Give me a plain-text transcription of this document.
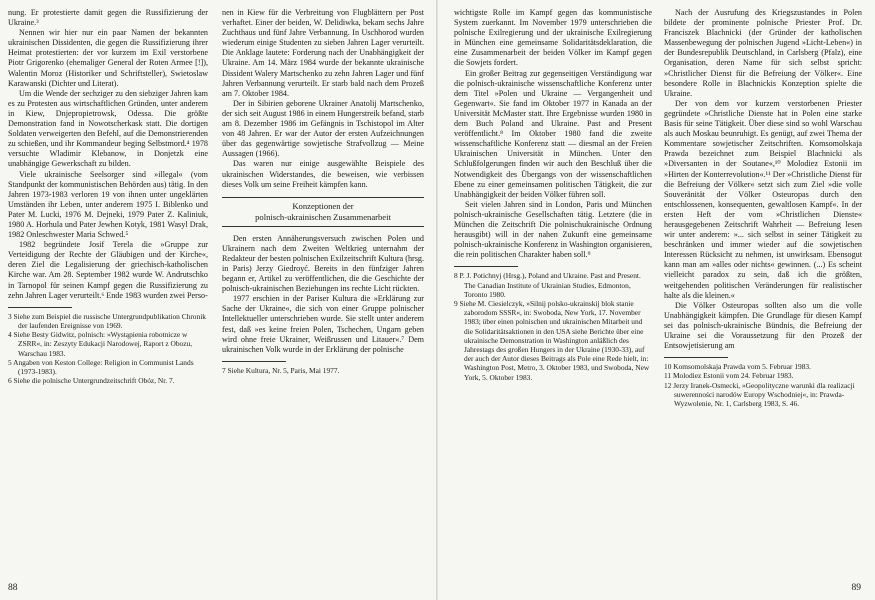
nung. Er protestierte damit gegen die Russifizierung der Ukraine.³

Nennen wir hier nur ein paar Namen der bekannten ukrainischen Dissidenten, die gegen die Russifizierung ihrer Heimat protestierten: der vor kurzem im Exil verstorbene Piotr Grigorenko (ehemaliger General der Roten Armee [!]), Walentin Moroz (Historiker und Schriftsteller), Swietoslaw Karawanski (Dichter und Literat).

Um die Wende der sechziger zu den siebziger Jahren kam es zu Protesten aus wirtschaftlichen Gründen, unter anderem in Kiew, Dnjepropietrowsk, Odessa. Die größte Demonstration fand in Nowotscherkask statt. Die dortigen Soldaten verweigerten den Befehl, auf die Demonstrierenden zu schießen, und ihr Kommandeur beging Selbstmord.⁴ 1978 versuchte Wladimir Klebanow, in Donjetzk eine unabhängige Gewerkschaft zu bilden.

Viele ukrainische Seelsorger sind »illegal« (vom Standpunkt der kommunistischen Behörden aus) tätig. In den Jahren 1973-1983 verloren 19 von ihnen unter ungeklärten Umständen ihr Leben, unter anderem 1975 I. Biblenko und Pater M. Lucki, 1976 M. Dejneki, 1979 Pater Z. Kaliniuk, 1980 A. Horhula und Pater Jewhen Kotyk, 1981 Wasyl Drak, 1982 Onleschwester Maria Schwed.⁵

1982 begründete Josif Terela die »Gruppe zur Verteidigung der Rechte der Gläubigen und der Kirche«, deren Ziel die Legalisierung der griechisch-katholischen Kirche war. Am 28. September 1982 wurde W. Andrutschko in Tarnopol für seinen Kampf gegen die Russifizierung zu zehn Jahren Lager verurteilt.⁶ Ende 1983 wurden zwei Perso-

3 Siehe zum Beispiel die russische Untergrundpublikation Chronik der laufenden Ereignisse von 1969.
4 Siehe Besty Gidwitz, polnisch: »Wystąpienia robotnicze w ZSRR«, in: Zeszyty Edukacji Narodowej, Raport z Obozu, Warschau 1983.
5 Angaben von Keston College: Religion in Communist Lands (1973-1983).
6 Siehe die polnische Untergrundzeitschrift Obóz, Nr. 7.

nen in Kiew für die Verbreitung von Flugblättern per Post verhaftet. Einer der beiden, W. Delidiwka, bekam sechs Jahre Zuchthaus und fünf Jahre Verbannung. In Uschhorod wurden wiederum einige Studenten zu sieben Jahren Lager verurteilt. Die Anklage lautete: Forderung nach der Unabhängigkeit der Ukraine. Am 14. März 1984 wurde der bekannte ukrainische Dissident Walery Martschenko zu zehn Jahren Lager und fünf Jahren Verbannung verurteilt. Er starb bald nach dem Prozeß am 7. Oktober 1984.

Der in Sibirien geborene Ukrainer Anatolij Martschenko, der sich seit August 1986 in einem Hungerstreik befand, starb am 8. Dezember 1986 im Gefängnis in Tschistopol im Alter von 48 Jahren. Er war der Autor der ersten Aufzeichnungen über das gegenwärtige sowjetische Strafvollzug — Meine Aussagen (1966).

Das waren nur einige ausgewählte Beispiele des ukrainischen Widerstandes, die beweisen, wie verbissen dieses Volk um seine Freiheit kämpfen kann.

Konzeptionen der
polnisch-ukrainischen Zusammenarbeit

Den ersten Annäherungsversuch zwischen Polen und Ukrainern nach dem Zweiten Weltkrieg unternahm der Redakteur der besten polnischen Exilzeitschrift Kultura (hrsg. in Paris) Jerzy Giedroyć. Bereits in den fünfziger Jahren begann er, Artikel zu veröffentlichen, die die Geschichte der polnisch-ukrainischen Beziehungen ins rechte Licht rückten.

1977 erschien in der Pariser Kultura die »Erklärung zur Sache der Ukraine«, die sich von einer Gruppe polnischer Intellektueller unterschrieben wurde. Sie stellt unter anderem fest, daß »es keine freien Polen, Tschechen, Ungarn geben wird ohne freie Ukrainer, Weißrussen und Litauer«.⁷ Dem ukrainischen Volk wurde in der Erklärung der polnische

7 Siehe Kultura, Nr. 5, Paris, Mai 1977.
88

wichtigste Rolle im Kampf gegen das kommunistische System zuerkannt. Im November 1979 unterschrieben die polnische Exilregierung und der ukrainische Exilregierung in München eine gemeinsame Solidaritätsdeklaration, die eine Zusammenarbeit der beiden Völker im Kampf gegen die Sowjets fordert.

Ein großer Beitrag zur gegenseitigen Verständigung war die polnisch-ukrainische wissenschaftliche Konferenz unter dem Titel »Polen und Ukraine — Vergangenheit und Gegenwart«. Sie fand im Oktober 1977 in Kanada an der Universität McMaster statt. Ihre Ergebnisse wurden 1980 in dem Buch Poland and Ukraine. Past and Present veröffentlicht.⁸ Im Oktober 1980 fand die zweite wissenschaftliche Konferenz statt — diesmal an der Freien Ukrainischen Universität in München. Unter den Schlußfolgerungen finden wir auch den Beschluß über die Notwendigkeit des Übergangs von der wissenschaftlichen Ebene zu einer gemeinsamen politischen Tätigkeit, die zur Unabhängigkeit der beiden Völker führen soll.

Seit vielen Jahren sind in London, Paris und München polnisch-ukrainische Gesellschaften tätig. Letztere (die in München die Zeitschrift Die polnischukrainische Ordnung herausgibt) will in der nahen Zukunft eine gemeinsame polnisch-ukrainische Konferenz in Washington organisieren, die rein politischen Charakter haben soll.⁹

8 P. J. Potichnyj (Hrsg.), Poland and Ukraine. Past and Present. The Canadian Institute of Ukrainian Studies, Edmonton, Toronto 1980.
9 Siehe M. Ciesielczyk, »Silnij polsko-ukrainskij blok stanie zaborodom SSSR«, in: Swoboda, New York, 17. November 1983; über einen polnischen und ukrainischen Mitarbeit und die Solidaritätsaktionen in den USA siehe Berichte über eine ukrainische Demonstration in Washington anläßlich des Jahrestags des großen Hungers in der Ukraine (1930-33), auf der auch der Autor dieses Beitrags als Pole eine Rede hielt, in: Washington Post, Metro, 3. Oktober 1983, und Swoboda, New York, 5. Oktober 1983.

Nach der Ausrufung des Kriegszustandes in Polen bildete der prominente polnische Priester Prof. Dr. Franciszek Blachnicki (der Gründer der katholischen Massenbewegung der polnischen Jugend »Licht-Leben«) in der Bundesrepublik Deutschland, in Carlsberg (Pfalz), eine Organisation, deren Name für sich selbst spricht: »Christlicher Dienst für die Befreiung der Völker«. Eine besondere Rolle in Blachnickis Konzeption spielte die Ukraine.

Der von dem vor kurzem verstorbenen Priester gegründete »Christliche Dienste hat in Polen eine starke Basis für seine Tätigkeit. Über diese sind so wohl Warschau als auch Moskau beunruhigt. Es genügt, auf zwei Thema der Kommentare sowjetischer Zeitschriften. Komsomolskaja Prawda bezeichnet zum Beispiel Blachnicki als »Diversanten in der Soutane«,¹⁰ Molodiez Estonii im »Hirten der Konterrevolution«.¹¹ Der »Christliche Dienst für die Befreiung der Völker« setzt sich zum Ziel »die volle Souveränität der Völker Osteuropas durch den entschlossenen, konsequenten, gewaltlosen Kampf«. In der ersten Heft der vom »Christlichen Dienste« herausgegebenen Zeitschrift Wahrheit — Befreiung lesen wir unter anderem: »... sich selbst in seiner Tätigkeit zu beschränken und immer wieder auf die sowjetischen Interessen Rücksicht zu nehmen, ist unwirksam. Ebensogut kann man am »alles oder nichts« gewinnen. (...) Es scheint vielleicht paradox zu sein, daß ich die größten, weitgehenden politischen Veränderungen für realistischer halte als die kleinen.«

Die Völker Osteuropas sollten also um die volle Unabhängigkeit kämpfen. Die Grundlage für diesen Kampf sei das polnisch-ukrainische Bündnis, die Befreiung der Ukraine sei die Voraussetzung für den Prozeß der Entsowjetisierung am

10 Komsomolskaja Prawda vom 5. Februar 1983.
11 Molodiez Estonii vom 24. Februar 1983.
12 Jerzy Iranek-Osmecki, »Geopolityczne warunki dla realizacji suwerenności narodów Europy Wschodniej«, in: Prawda-Wyzwolenie, Nr. 1, Carlsberg 1983, S. 46.
89
